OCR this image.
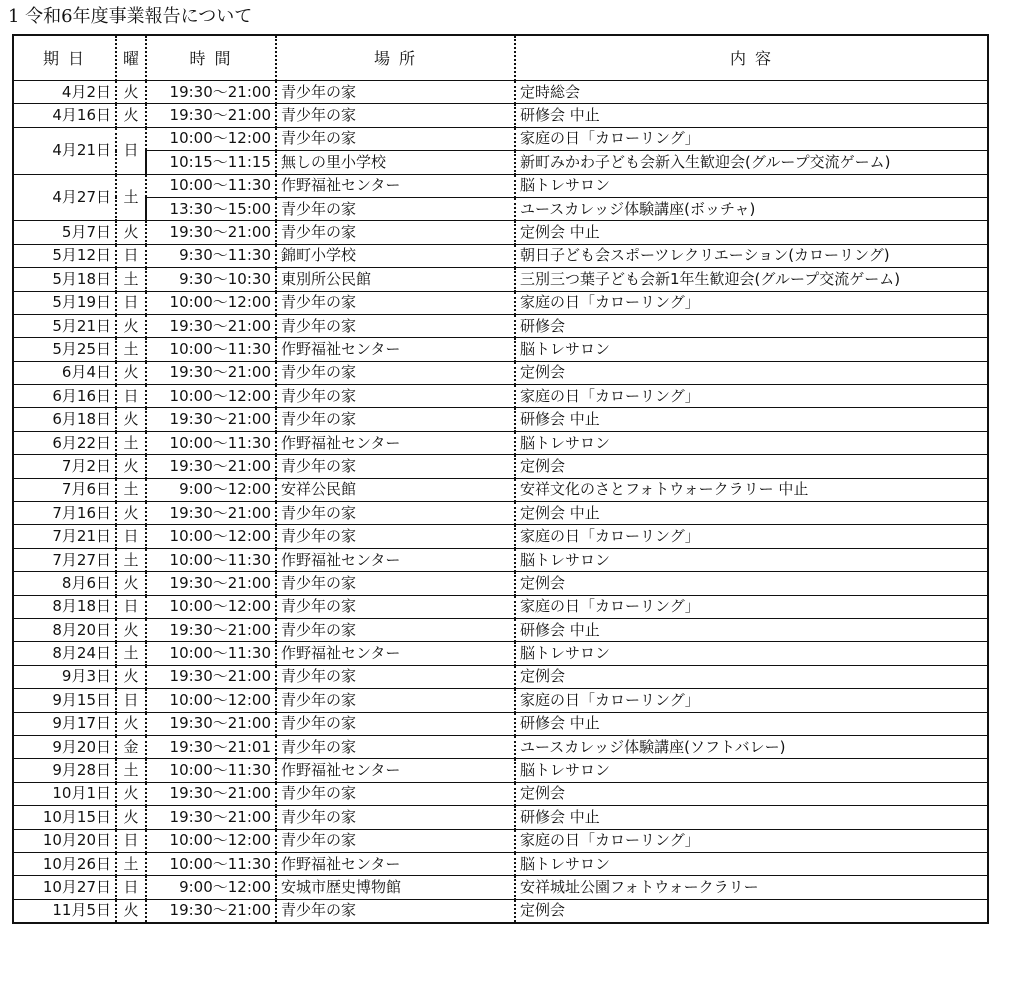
1 令和6年度事業報告について
期 日	曜	時 間	場 所	内 容
4月2日	火	19:30～21:00	青少年の家	定時総会
4月16日	火	19:30～21:00	青少年の家	研修会 中止
4月21日	日	10:00～12:00	青少年の家	家庭の日「カローリング」
		10:15～11:15	無しの里小学校	新町みかわ子ども会新入生歓迎会(グループ交流ゲーム)
4月27日	土	10:00～11:30	作野福祉センター	脳トレサロン
		13:30～15:00	青少年の家	ユースカレッジ体験講座(ボッチャ)
5月7日	火	19:30～21:00	青少年の家	定例会 中止
5月12日	日	9:30～11:30	錦町小学校	朝日子ども会スポーツレクリエーション(カローリング)
5月18日	土	9:30～10:30	東別所公民館	三別三つ葉子ども会新1年生歓迎会(グループ交流ゲーム)
5月19日	日	10:00～12:00	青少年の家	家庭の日「カローリング」
5月21日	火	19:30～21:00	青少年の家	研修会
5月25日	土	10:00～11:30	作野福祉センター	脳トレサロン
6月4日	火	19:30～21:00	青少年の家	定例会
6月16日	日	10:00～12:00	青少年の家	家庭の日「カローリング」
6月18日	火	19:30～21:00	青少年の家	研修会 中止
6月22日	土	10:00～11:30	作野福祉センター	脳トレサロン
7月2日	火	19:30～21:00	青少年の家	定例会
7月6日	土	9:00～12:00	安祥公民館	安祥文化のさとフォトウォークラリー 中止
7月16日	火	19:30～21:00	青少年の家	定例会 中止
7月21日	日	10:00～12:00	青少年の家	家庭の日「カローリング」
7月27日	土	10:00～11:30	作野福祉センター	脳トレサロン
8月6日	火	19:30～21:00	青少年の家	定例会
8月18日	日	10:00～12:00	青少年の家	家庭の日「カローリング」
8月20日	火	19:30～21:00	青少年の家	研修会 中止
8月24日	土	10:00～11:30	作野福祉センター	脳トレサロン
9月3日	火	19:30～21:00	青少年の家	定例会
9月15日	日	10:00～12:00	青少年の家	家庭の日「カローリング」
9月17日	火	19:30～21:00	青少年の家	研修会 中止
9月20日	金	19:30～21:01	青少年の家	ユースカレッジ体験講座(ソフトバレー)
9月28日	土	10:00～11:30	作野福祉センター	脳トレサロン
10月1日	火	19:30～21:00	青少年の家	定例会
10月15日	火	19:30～21:00	青少年の家	研修会 中止
10月20日	日	10:00～12:00	青少年の家	家庭の日「カローリング」
10月26日	土	10:00～11:30	作野福祉センター	脳トレサロン
10月27日	日	9:00～12:00	安城市歴史博物館	安祥城址公園フォトウォークラリー
11月5日	火	19:30～21:00	青少年の家	定例会
